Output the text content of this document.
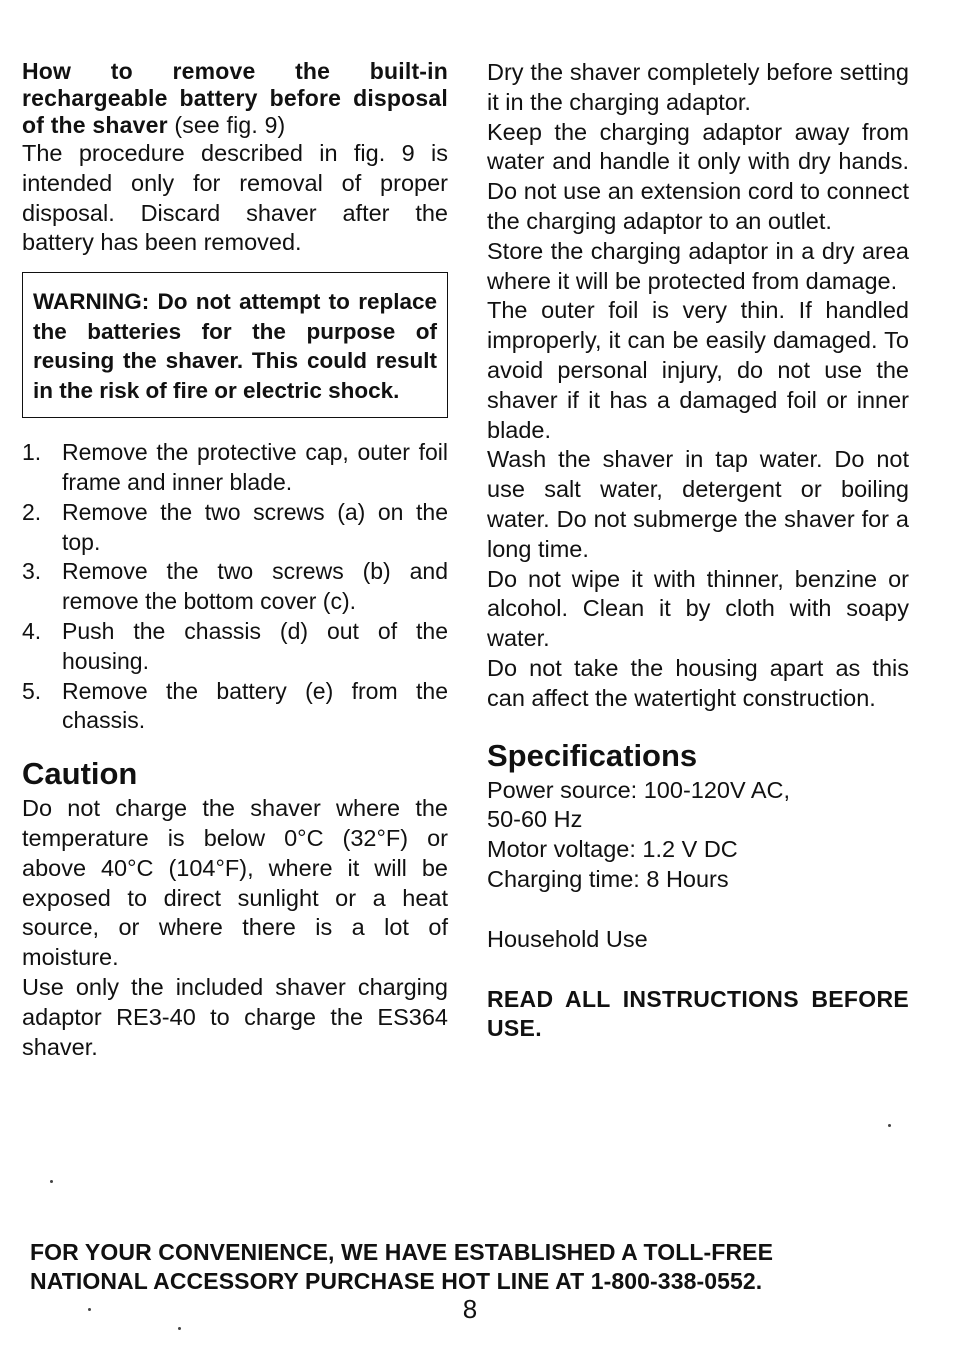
How to remove the built-in rechargeable battery before disposal of the shaver (see fig. 9)

The procedure described in fig. 9 is intended only for removal of proper disposal. Discard shaver after the battery has been removed.

WARNING: Do not attempt to replace the batteries for the purpose of reusing the shaver. This could result in the risk of fire or electric shock.
1. Remove the protective cap, outer foil frame and inner blade.
2. Remove the two screws (a) on the top.
3. Remove the two screws (b) and remove the bottom cover (c).
4. Push the chassis (d) out of the housing.
5. Remove the battery (e) from the chassis.
Caution

Do not charge the shaver where the temperature is below 0°C (32°F) or above 40°C (104°F), where it will be exposed to direct sunlight or a heat source, or where there is a lot of moisture.

Use only the included shaver charging adaptor RE3-40 to charge the ES364 shaver.

Dry the shaver completely before setting it in the charging adaptor.

Keep the charging adaptor away from water and handle it only with dry hands. Do not use an extension cord to connect the charging adaptor to an outlet.

Store the charging adaptor in a dry area where it will be protected from damage.

The outer foil is very thin. If handled improperly, it can be easily damaged. To avoid personal injury, do not use the shaver if it has a damaged foil or inner blade.

Wash the shaver in tap water. Do not use salt water, detergent or boiling water. Do not submerge the shaver for a long time.

Do not wipe it with thinner, benzine or alcohol. Clean it by cloth with soapy water.

Do not take the housing apart as this can affect the watertight construction.

Specifications

Power source: 100-120V AC,

50-60 Hz

Motor voltage: 1.2 V DC

Charging time: 8 Hours

Household Use

READ ALL INSTRUCTIONS BEFORE USE.

FOR YOUR CONVENIENCE, WE HAVE ESTABLISHED A TOLL-FREE
NATIONAL ACCESSORY PURCHASE HOT LINE AT 1-800-338-0552.
8
